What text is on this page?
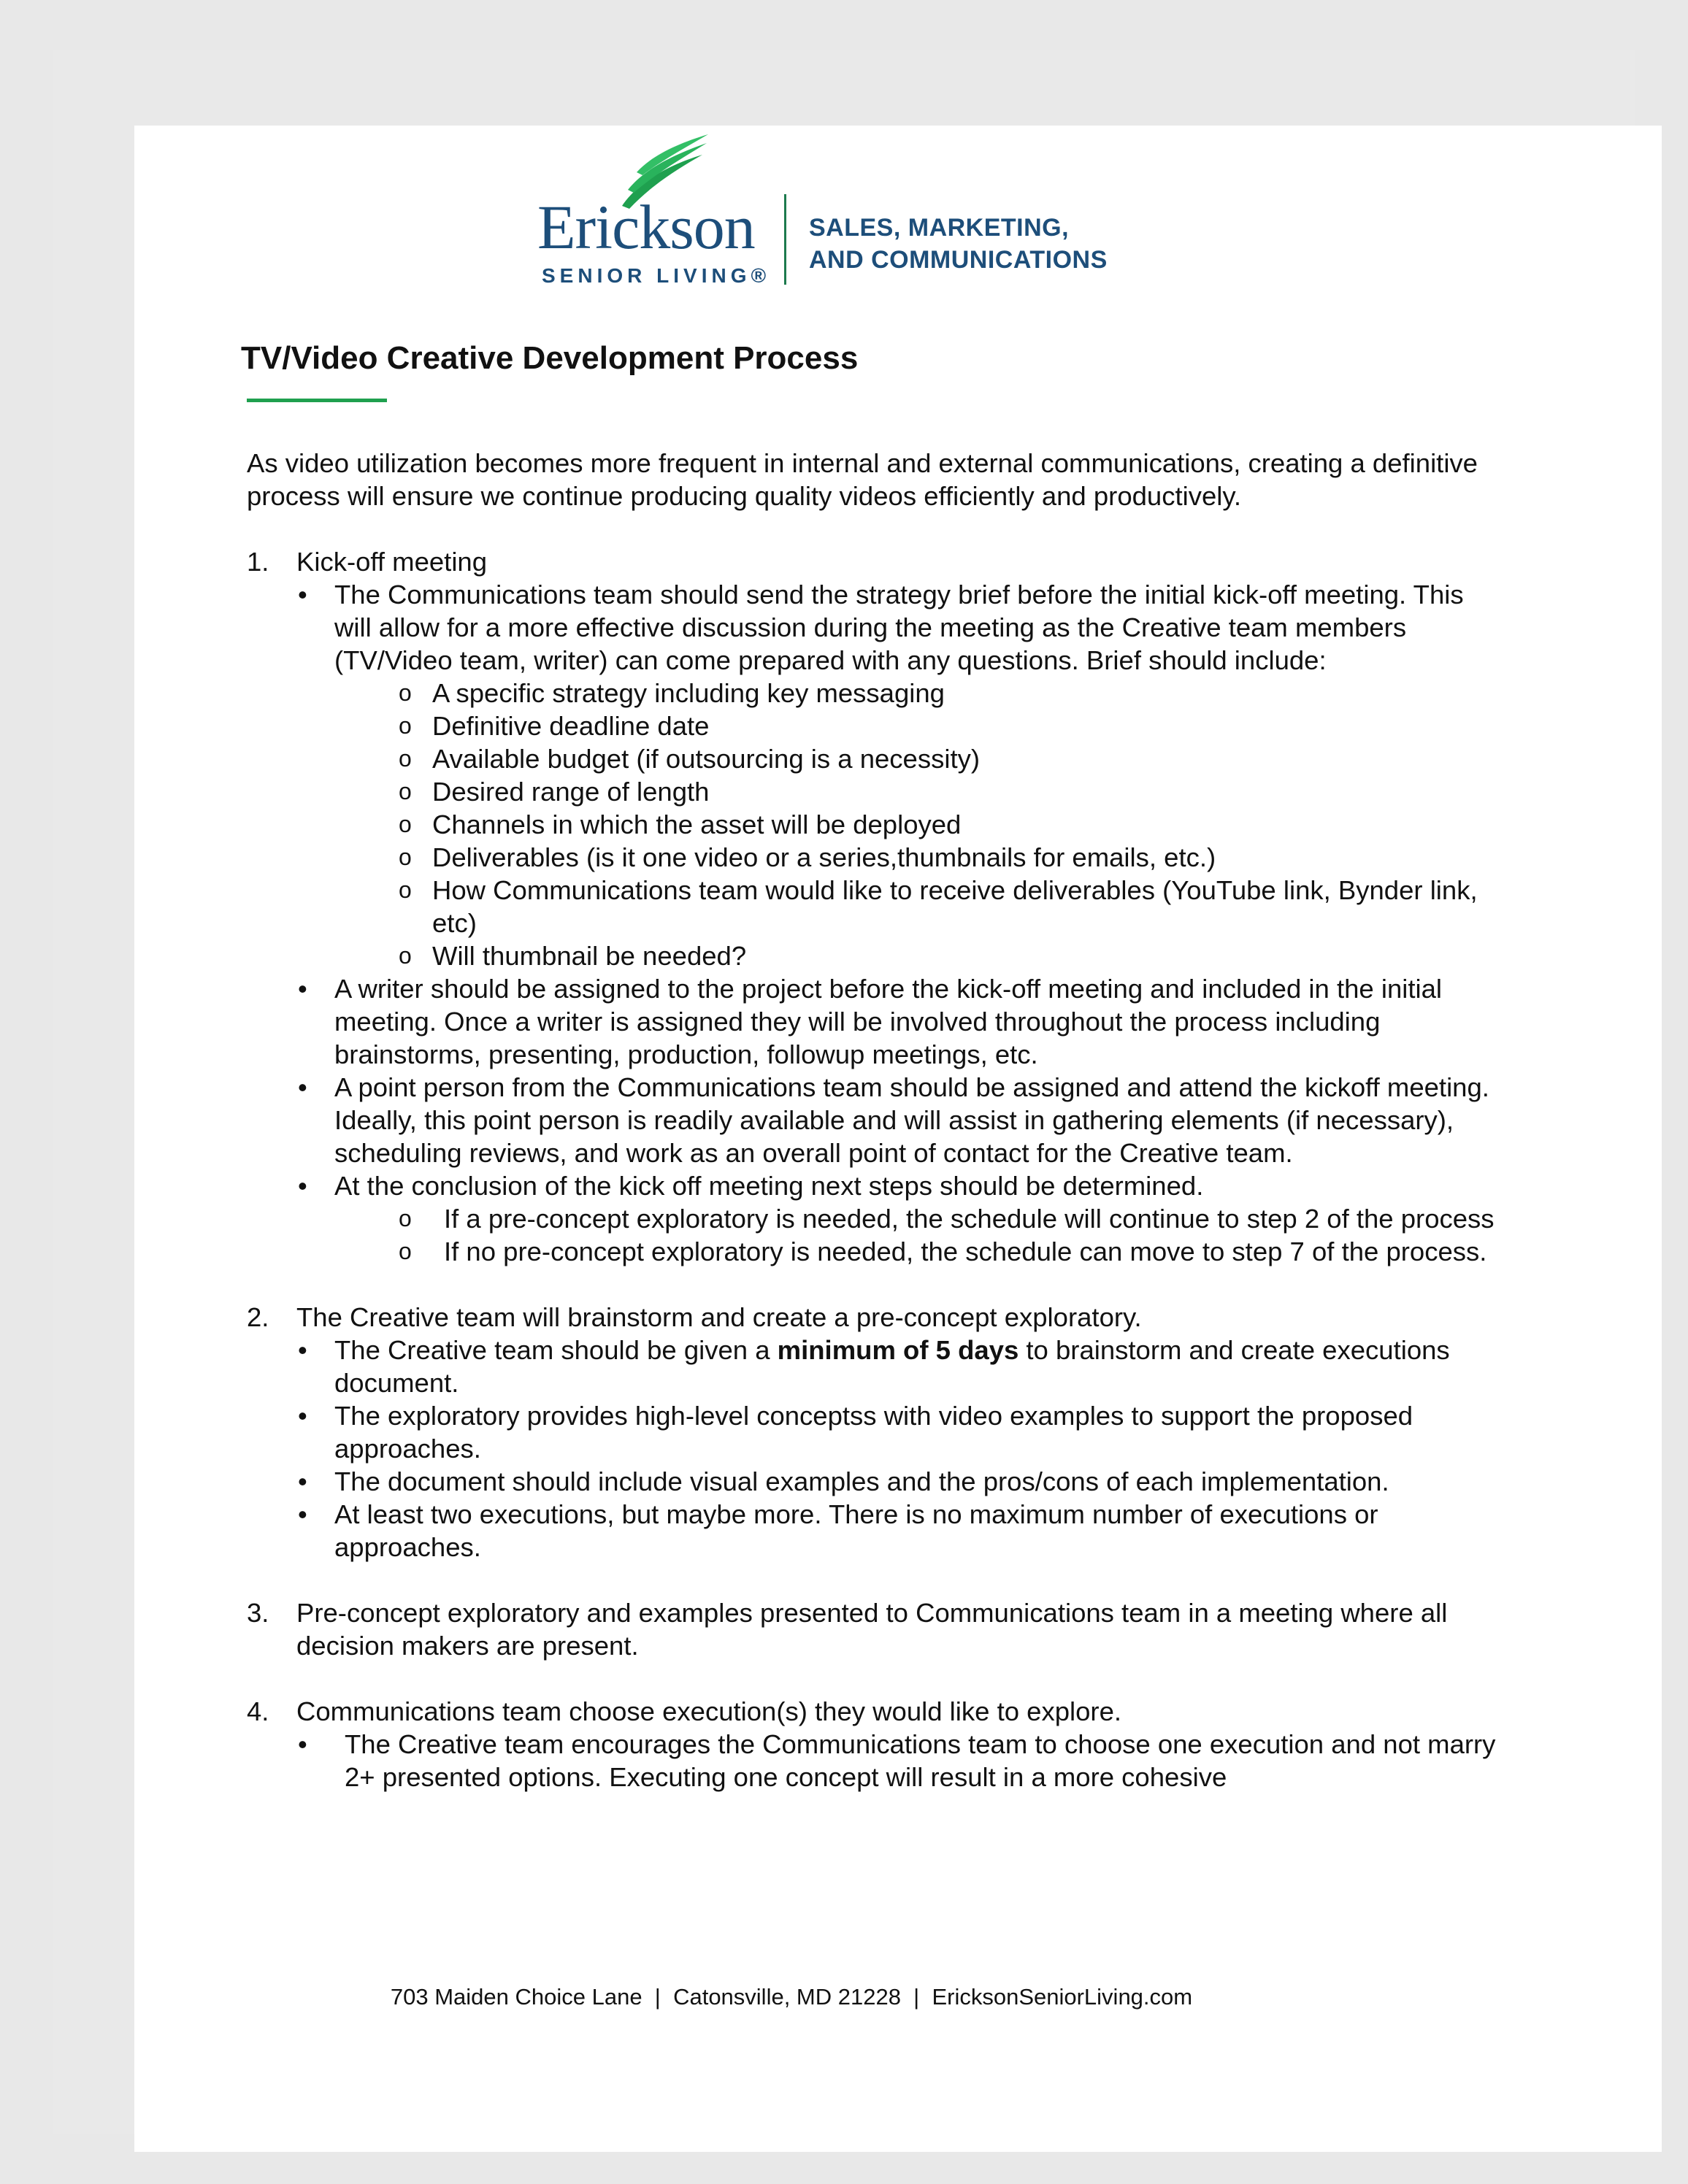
Erickson
SENIOR LIVING®
SALES, MARKETING,
AND COMMUNICATIONS
TV/Video Creative Development Process

As video utilization becomes more frequent in internal and external communications, creating a definitive process will ensure we continue producing quality videos efficiently and productively.

1.	Kick-off meeting
• The Communications team should send the strategy brief before the initial kick-off meeting. This will allow for a more effective discussion during the meeting as the Creative team members (TV/Video team, writer) can come prepared with any questions. Brief should include:
o A specific strategy including key messaging
o Definitive deadline date
o Available budget (if outsourcing is a necessity)
o Desired range of length
o Channels in which the asset will be deployed
o Deliverables (is it one video or a series,thumbnails for emails, etc.)
o How Communications team would like to receive deliverables (YouTube link, Bynder link, etc)
o Will thumbnail be needed?
• A writer should be assigned to the project before the kick-off meeting and included in the initial meeting. Once a writer is assigned they will be involved throughout the process including brainstorms, presenting, production, followup meetings, etc.
• A point person from the Communications team should be assigned and attend the kickoff meeting. Ideally, this point person is readily available and will assist in gathering elements (if necessary), scheduling reviews, and work as an overall point of contact for the Creative team.
• At the conclusion of the kick off meeting next steps should be determined.
o If a pre-concept exploratory is needed, the schedule will continue to step 2 of the process
o If no pre-concept exploratory is needed, the schedule can move to step 7 of the process.
2.	The Creative team will brainstorm and create a pre-concept exploratory.
• The Creative team should be given a minimum of 5 days to brainstorm and create executions document.
• The exploratory provides high-level conceptss with video examples to support the proposed approaches.
• The document should include visual examples and the pros/cons of each implementation.
• At least two executions, but maybe more. There is no maximum number of executions or approaches.
3.	Pre-concept exploratory and examples presented to Communications team in a meeting where all decision makers are present.
4.	Communications team choose execution(s) they would like to explore.
• The Creative team encourages the Communications team to choose one execution and not marry 2+ presented options. Executing one concept will result in a more cohesive
703 Maiden Choice Lane  |  Catonsville, MD 21228  |  EricksonSeniorLiving.com
